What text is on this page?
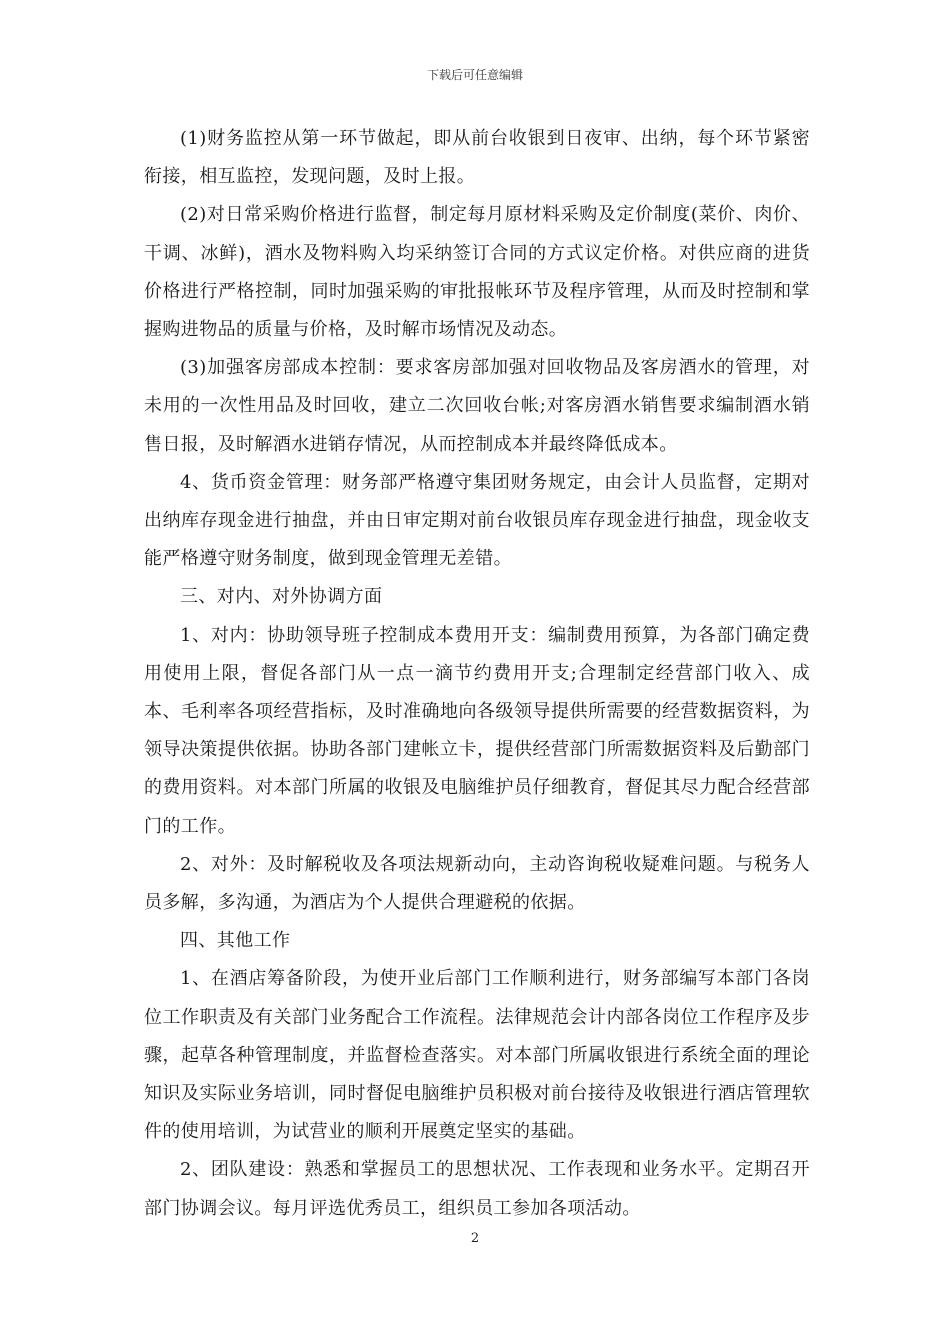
下载后可任意编辑

(1)财务监控从第一环节做起，即从前台收银到日夜审、出纳，每个环节紧密衔接，相互监控，发现问题，及时上报。

(2)对日常采购价格进行监督，制定每月原材料采购及定价制度(菜价、肉价、干调、冰鲜)，酒水及物料购入均采纳签订合同的方式议定价格。对供应商的进货价格进行严格控制，同时加强采购的审批报帐环节及程序管理，从而及时控制和掌握购进物品的质量与价格，及时解市场情况及动态。

(3)加强客房部成本控制：要求客房部加强对回收物品及客房酒水的管理，对未用的一次性用品及时回收，建立二次回收台帐;对客房酒水销售要求编制酒水销售日报，及时解酒水进销存情况，从而控制成本并最终降低成本。

4、货币资金管理：财务部严格遵守集团财务规定，由会计人员监督，定期对出纳库存现金进行抽盘，并由日审定期对前台收银员库存现金进行抽盘，现金收支能严格遵守财务制度，做到现金管理无差错。

三、对内、对外协调方面

1、对内：协助领导班子控制成本费用开支：编制费用预算，为各部门确定费用使用上限，督促各部门从一点一滴节约费用开支;合理制定经营部门收入、成本、毛利率各项经营指标，及时准确地向各级领导提供所需要的经营数据资料，为领导决策提供依据。协助各部门建帐立卡，提供经营部门所需数据资料及后勤部门的费用资料。对本部门所属的收银及电脑维护员仔细教育，督促其尽力配合经营部门的工作。

2、对外：及时解税收及各项法规新动向，主动咨询税收疑难问题。与税务人员多解，多沟通，为酒店为个人提供合理避税的依据。

四、其他工作

1、在酒店筹备阶段，为使开业后部门工作顺利进行，财务部编写本部门各岗位工作职责及有关部门业务配合工作流程。法律规范会计内部各岗位工作程序及步骤，起草各种管理制度，并监督检查落实。对本部门所属收银进行系统全面的理论知识及实际业务培训，同时督促电脑维护员积极对前台接待及收银进行酒店管理软件的使用培训，为试营业的顺利开展奠定坚实的基础。

2、团队建设：熟悉和掌握员工的思想状况、工作表现和业务水平。定期召开部门协调会议。每月评选优秀员工，组织员工参加各项活动。

2
